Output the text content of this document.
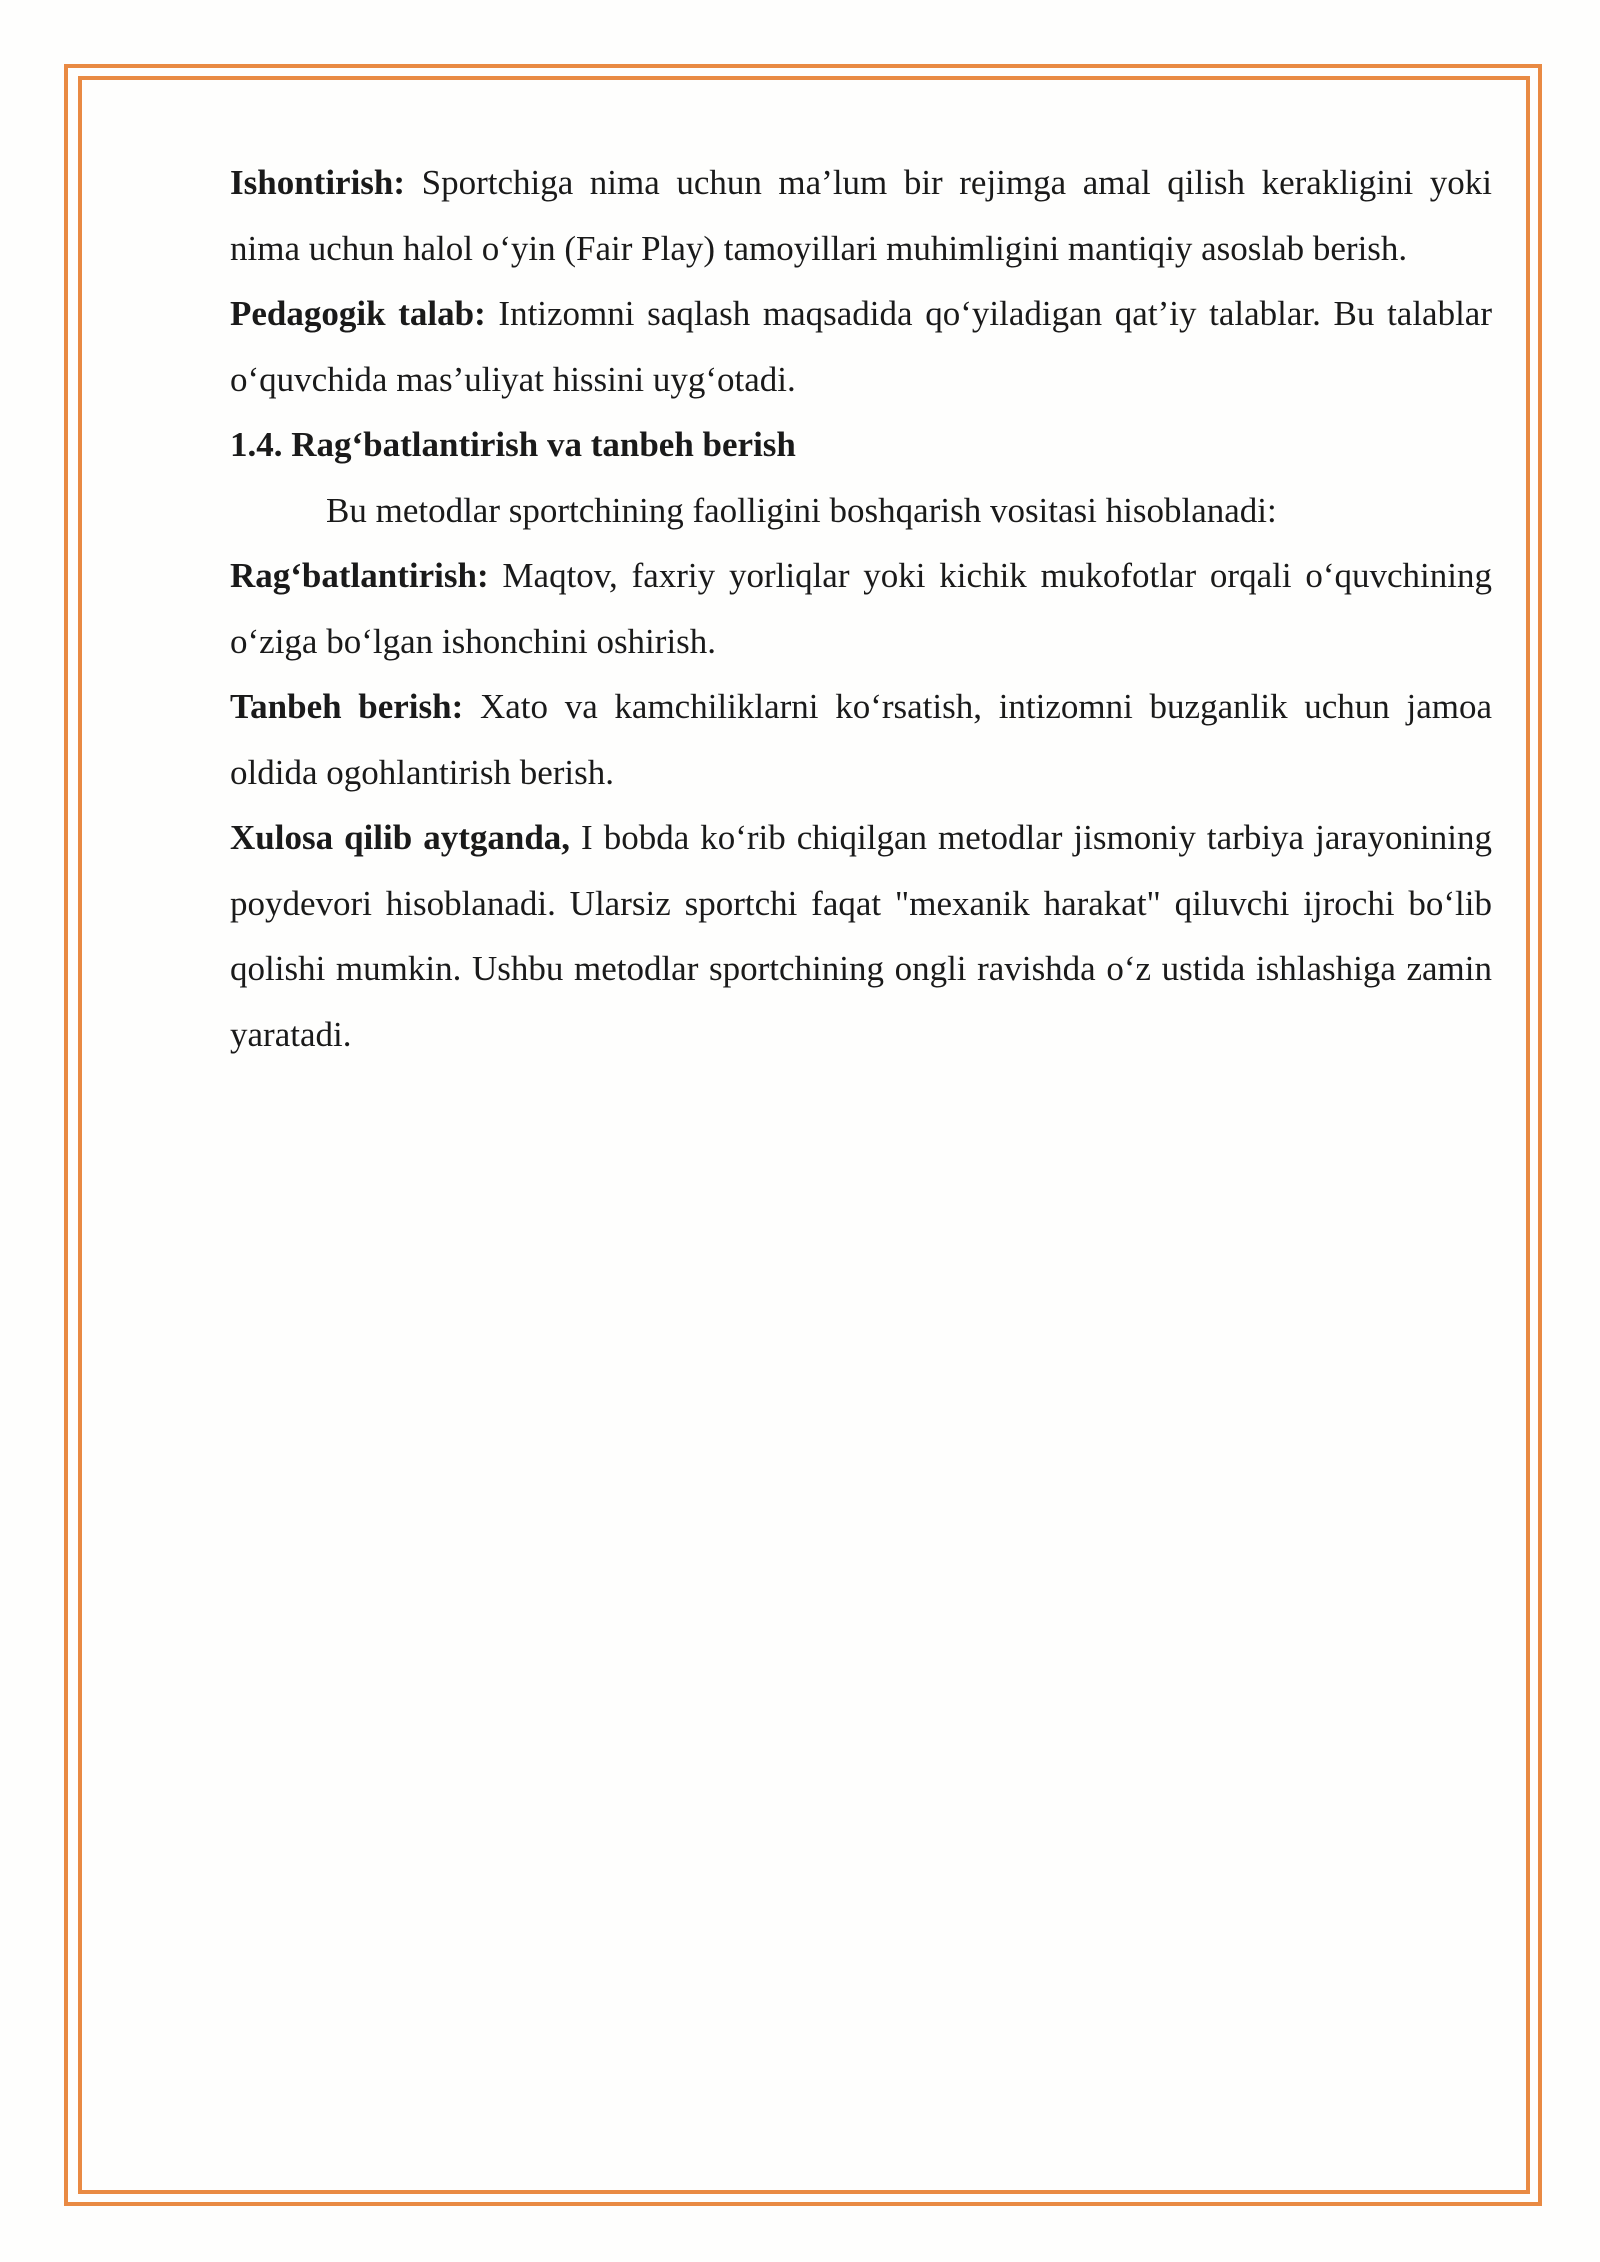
Ishontirish: Sportchiga nima uchun ma’lum bir rejimga amal qilish kerakligini yoki nima uchun halol o‘yin (Fair Play) tamoyillari muhimligini mantiqiy asoslab berish.

Pedagogik talab: Intizomni saqlash maqsadida qo‘yiladigan qat’iy talablar. Bu talablar o‘quvchida mas’uliyat hissini uyg‘otadi.

1.4. Rag‘batlantirish va tanbeh berish

Bu metodlar sportchining faolligini boshqarish vositasi hisoblanadi:

Rag‘batlantirish: Maqtov, faxriy yorliqlar yoki kichik mukofotlar orqali o‘quvchining o‘ziga bo‘lgan ishonchini oshirish.

Tanbeh berish: Xato va kamchiliklarni ko‘rsatish, intizomni buzganlik uchun jamoa oldida ogohlantirish berish.

Xulosa qilib aytganda, I bobda ko‘rib chiqilgan metodlar jismoniy tarbiya jarayonining poydevori hisoblanadi. Ularsiz sportchi faqat "mexanik harakat" qiluvchi ijrochi bo‘lib qolishi mumkin. Ushbu metodlar sportchining ongli ravishda o‘z ustida ishlashiga zamin yaratadi.
